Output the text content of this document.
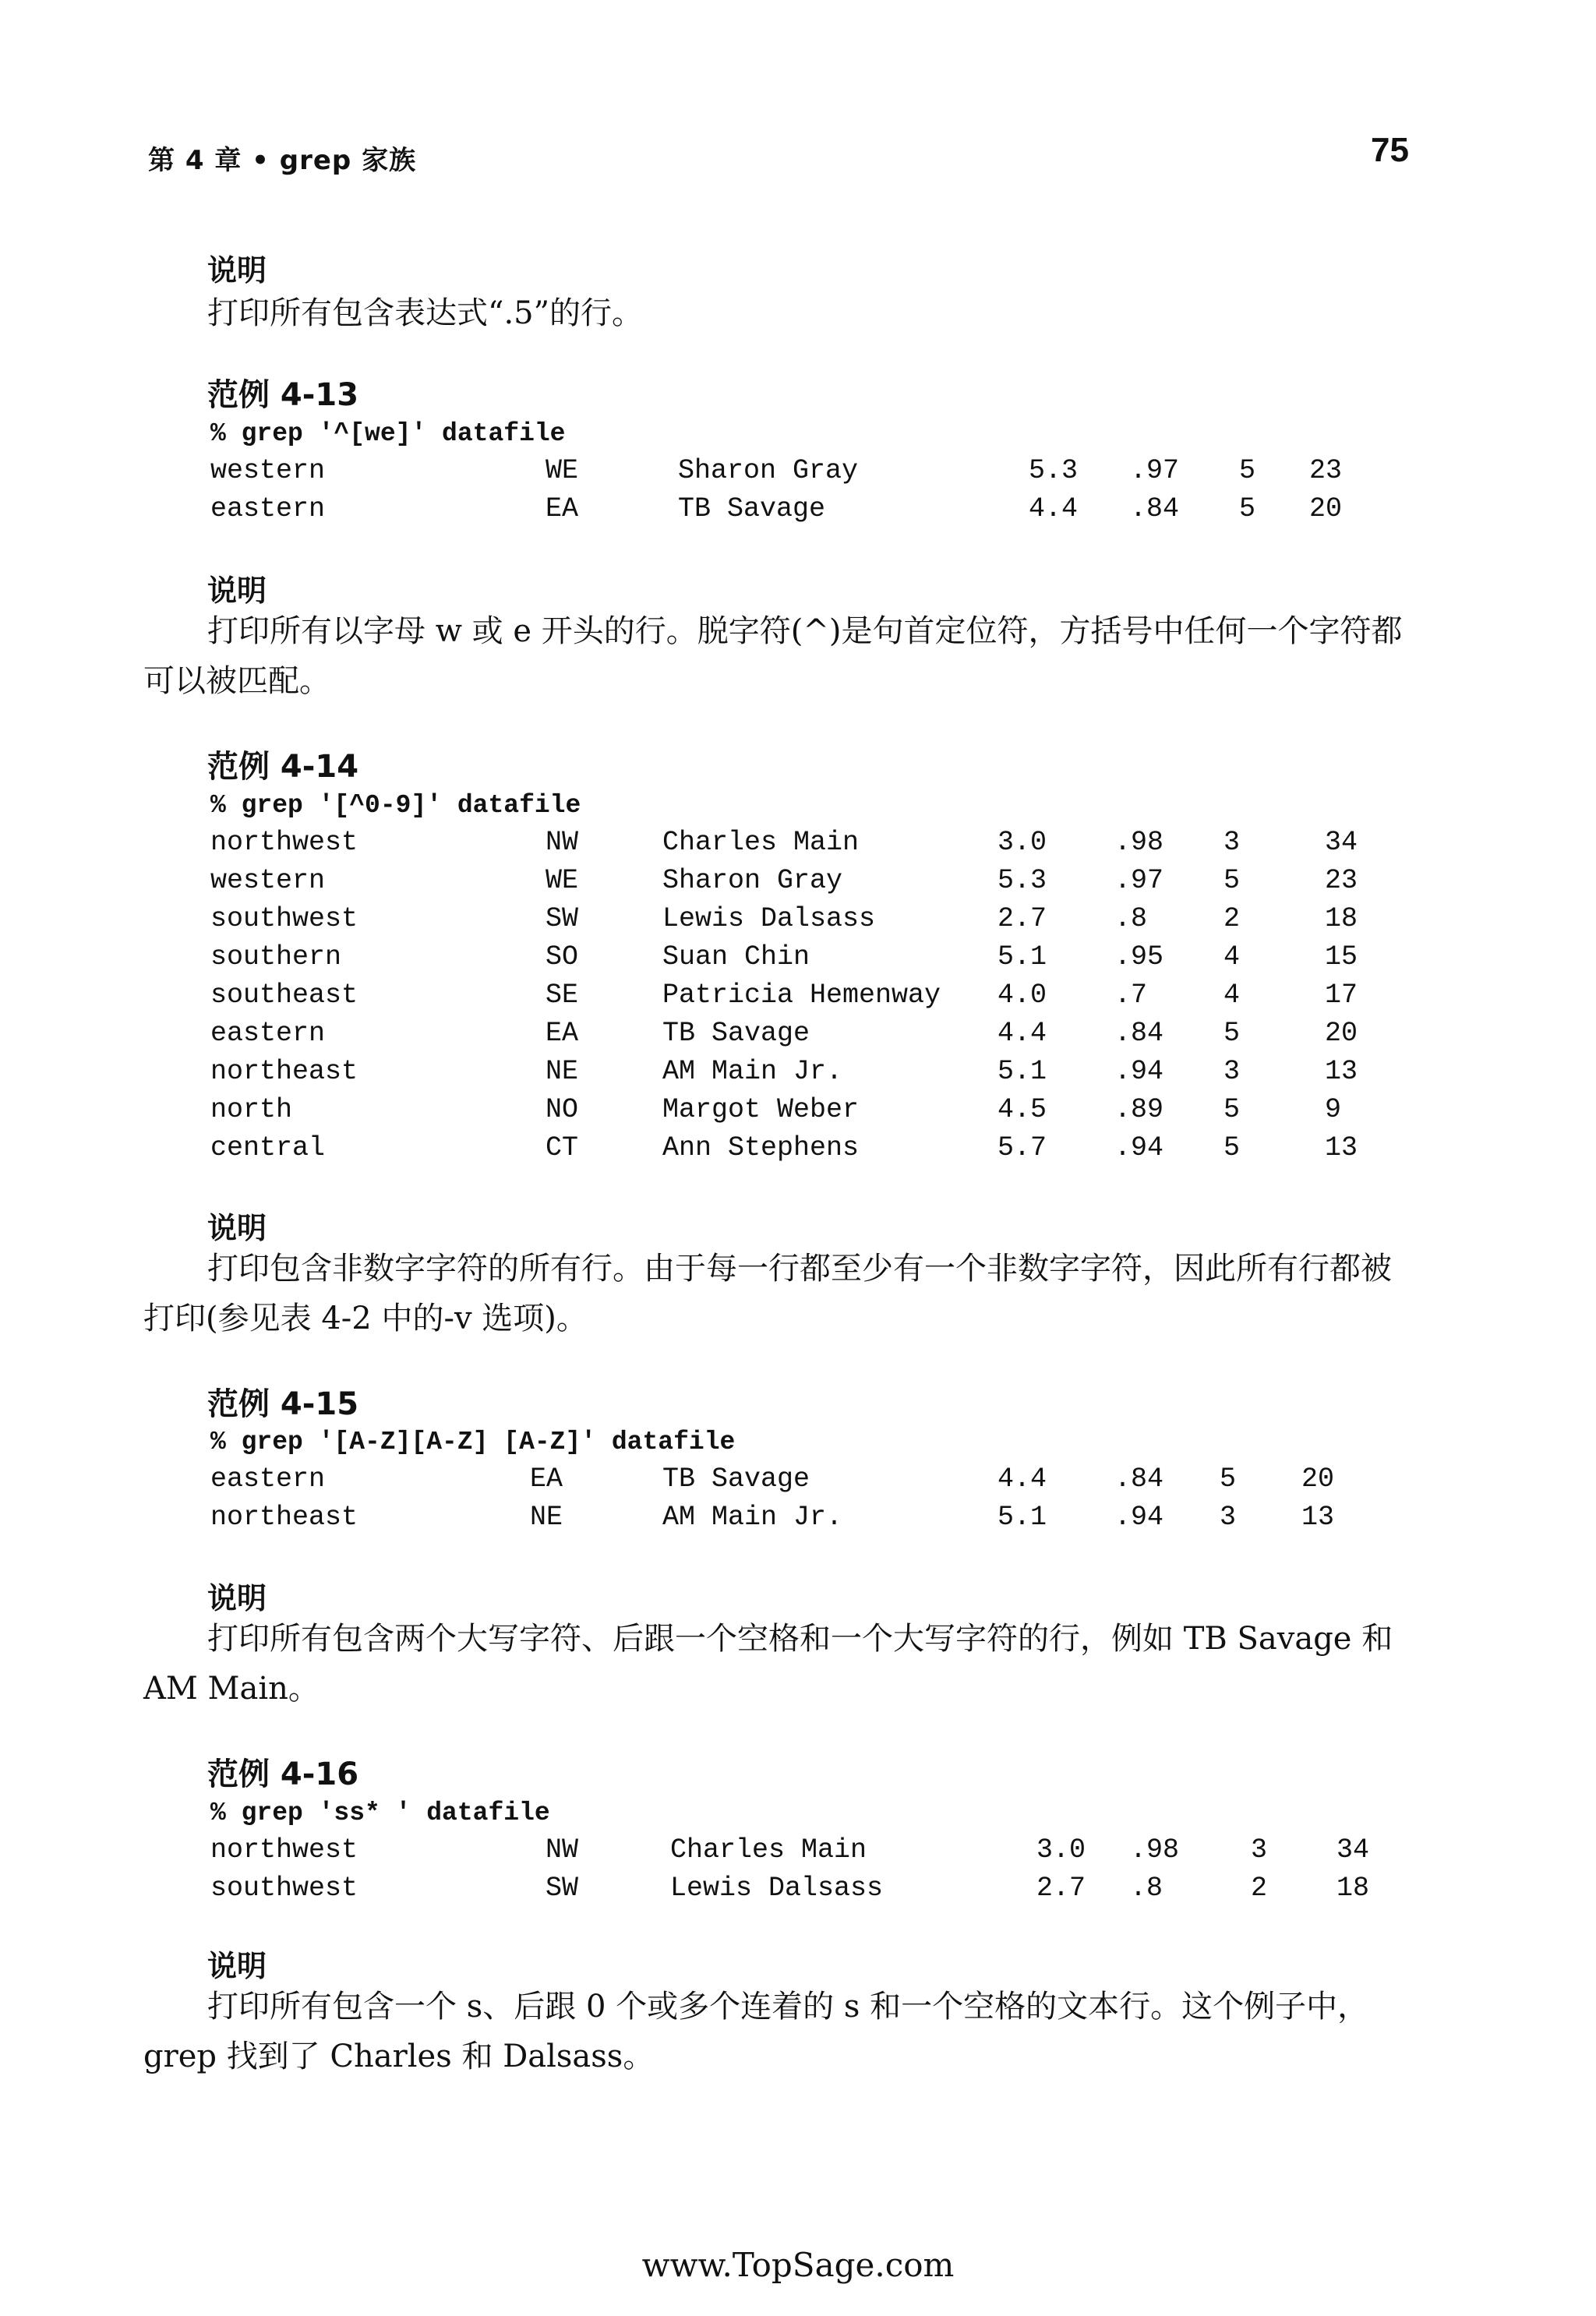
第 4 章 • grep 家族	75
说明
打印所有包含表达式“.5”的行。
范例 4-13
% grep '^[we]' datafile
western	WE	Sharon Gray	5.3 .97 5 23
eastern	EA	TB Savage	4.4 .84 5 20
说明
打印所有以字母 w 或 e 开头的行。脱字符(^)是句首定位符，方括号中任何一个字符都可以被匹配。
范例 4-14
% grep '[^0-9]' datafile
northwest	NW	Charles Main	3.0 .98 3	34
western	WE	Sharon Gray	5.3 .97 5	23
southwest	SW	Lewis Dalsass	2.7 .8	2	18
southern	SO	Suan Chin	5.1 .95 4	15
southeast	SE	Patricia Hemenway 4.0 .7	4	17
eastern	EA	TB Savage	4.4 .84 5	20
northeast	NE	AM Main Jr.	5.1 .94 3	13
north	NO	Margot Weber	4.5 .89 5	9
central	CT	Ann Stephens	5.7 .94 5	13
说明
打印包含非数字字符的所有行。由于每一行都至少有一个非数字字符，因此所有行都被打印(参见表 4-2 中的-v 选项)。
范例 4-15
% grep '[A-Z][A-Z] [A-Z]' datafile
eastern	EA	TB Savage	4.4 .84 5 20
northeast	NE	AM Main Jr.	5.1 .94 3 13
说明
打印所有包含两个大写字符、后跟一个空格和一个大写字符的行，例如 TB Savage 和 AM Main。
范例 4-16
% grep 'ss* ' datafile
northwest	NW	Charles Main	3.0 .98	3	34
southwest	SW	Lewis Dalsass	2.7 .8	2	18
说明
打印所有包含一个 s、后跟 0 个或多个连着的 s 和一个空格的文本行。这个例子中，grep 找到了 Charles 和 Dalsass。
www.TopSage.com
